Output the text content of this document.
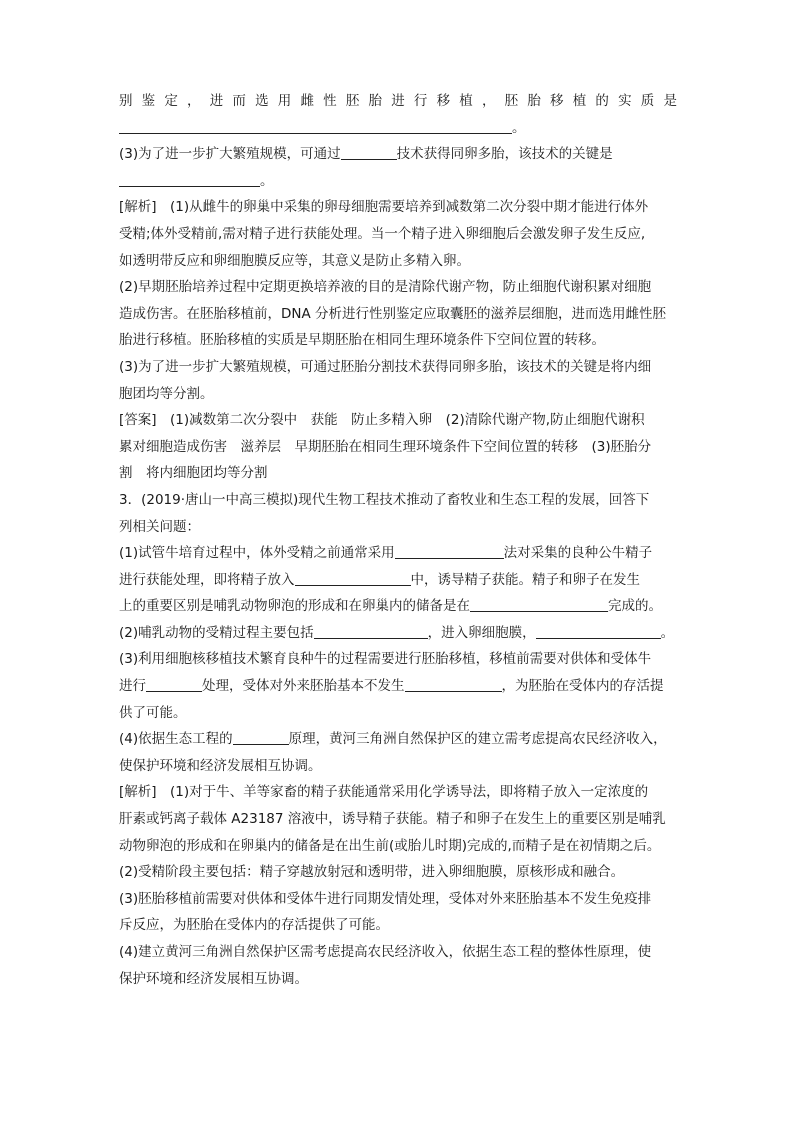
别鉴定，进而选用雌性胚胎进行移植，胚胎移植的实质是
。
(3)为了进一步扩大繁殖规模，可通过	技术获得同卵多胎，该技术的关键是
。
[解析]　(1)从雌牛的卵巢中采集的卵母细胞需要培养到减数第二次分裂中期才能进行体外
受精;体外受精前,需对精子进行获能处理。当一个精子进入卵细胞后会激发卵子发生反应,
如透明带反应和卵细胞膜反应等，其意义是防止多精入卵。
(2)早期胚胎培养过程中定期更换培养液的目的是清除代谢产物，防止细胞代谢积累对细胞
造成伤害。在胚胎移植前，DNA 分析进行性别鉴定应取囊胚的滋养层细胞，进而选用雌性胚
胎进行移植。胚胎移植的实质是早期胚胎在相同生理环境条件下空间位置的转移。
(3)为了进一步扩大繁殖规模，可通过胚胎分割技术获得同卵多胎，该技术的关键是将内细
胞团均等分割。
[答案]　(1)减数第二次分裂中　获能　防止多精入卵　(2)清除代谢产物,防止细胞代谢积
累对细胞造成伤害　滋养层　早期胚胎在相同生理环境条件下空间位置的转移　(3)胚胎分
割　将内细胞团均等分割
3．(2019·唐山一中高三模拟)现代生物工程技术推动了畜牧业和生态工程的发展，回答下
列相关问题：
(1)试管牛培育过程中，体外受精之前通常采用	法对采集的良种公牛精子
进行获能处理，即将精子放入	中，诱导精子获能。精子和卵子在发生
上的重要区别是哺乳动物卵泡的形成和在卵巢内的储备是在	完成的。
(2)哺乳动物的受精过程主要包括	，进入卵细胞膜，	。
(3)利用细胞核移植技术繁育良种牛的过程需要进行胚胎移植，移植前需要对供体和受体牛
进行	处理，受体对外来胚胎基本不发生	，为胚胎在受体内的存活提
供了可能。
(4)依据生态工程的	原理，黄河三角洲自然保护区的建立需考虑提高农民经济收入，
使保护环境和经济发展相互协调。
[解析]　(1)对于牛、羊等家畜的精子获能通常采用化学诱导法，即将精子放入一定浓度的
肝素或钙离子载体 A23187 溶液中，诱导精子获能。精子和卵子在发生上的重要区别是哺乳
动物卵泡的形成和在卵巢内的储备是在出生前(或胎儿时期)完成的,而精子是在初情期之后。
(2)受精阶段主要包括：精子穿越放射冠和透明带，进入卵细胞膜，原核形成和融合。
(3)胚胎移植前需要对供体和受体牛进行同期发情处理，受体对外来胚胎基本不发生免疫排
斥反应，为胚胎在受体内的存活提供了可能。
(4)建立黄河三角洲自然保护区需考虑提高农民经济收入，依据生态工程的整体性原理，使
保护环境和经济发展相互协调。
